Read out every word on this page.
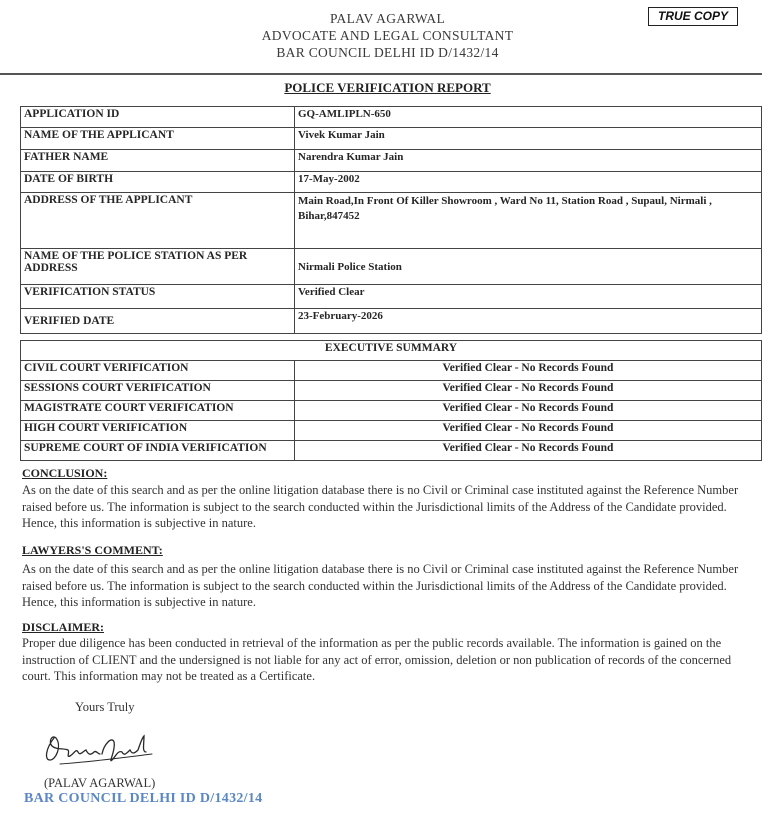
PALAV AGARWAL
ADVOCATE AND LEGAL CONSULTANT
BAR COUNCIL DELHI ID D/1432/14
TRUE COPY
POLICE VERIFICATION REPORT
APPLICATION ID	GQ-AMLIPLN-650
NAME OF THE APPLICANT	Vivek Kumar Jain
FATHER NAME	Narendra Kumar Jain
DATE OF BIRTH	17-May-2002
ADDRESS OF THE APPLICANT	Main Road,In Front Of Killer Showroom , Ward No 11, Station Road , Supaul, Nirmali , Bihar,847452
NAME OF THE POLICE STATION AS PER ADDRESS	Nirmali Police Station
VERIFICATION STATUS	Verified Clear
VERIFIED DATE	23-February-2026
EXECUTIVE SUMMARY	
CIVIL COURT VERIFICATION	Verified Clear - No Records Found
SESSIONS COURT VERIFICATION	Verified Clear - No Records Found
MAGISTRATE COURT VERIFICATION	Verified Clear - No Records Found
HIGH COURT VERIFICATION	Verified Clear - No Records Found
SUPREME COURT OF INDIA VERIFICATION	Verified Clear - No Records Found
CONCLUSION:
As on the date of this search and as per the online litigation database there is no Civil or Criminal case instituted against the Reference Number raised before us. The information is subject to the search conducted within the Jurisdictional limits of the Address of the Candidate provided. Hence, this information is subjective in nature.
LAWYERS'S COMMENT:
As on the date of this search and as per the online litigation database there is no Civil or Criminal case instituted against the Reference Number raised before us. The information is subject to the search conducted within the Jurisdictional limits of the Address of the Candidate provided. Hence, this information is subjective in nature.
DISCLAIMER:
Proper due diligence has been conducted in retrieval of the information as per the public records available. The information is gained on the instruction of CLIENT and the undersigned is not liable for any act of error, omission, deletion or non publication of records of the concerned court. This information may not be treated as a Certificate.
Yours Truly
(PALAV AGARWAL)
BAR COUNCIL DELHI ID D/1432/14
